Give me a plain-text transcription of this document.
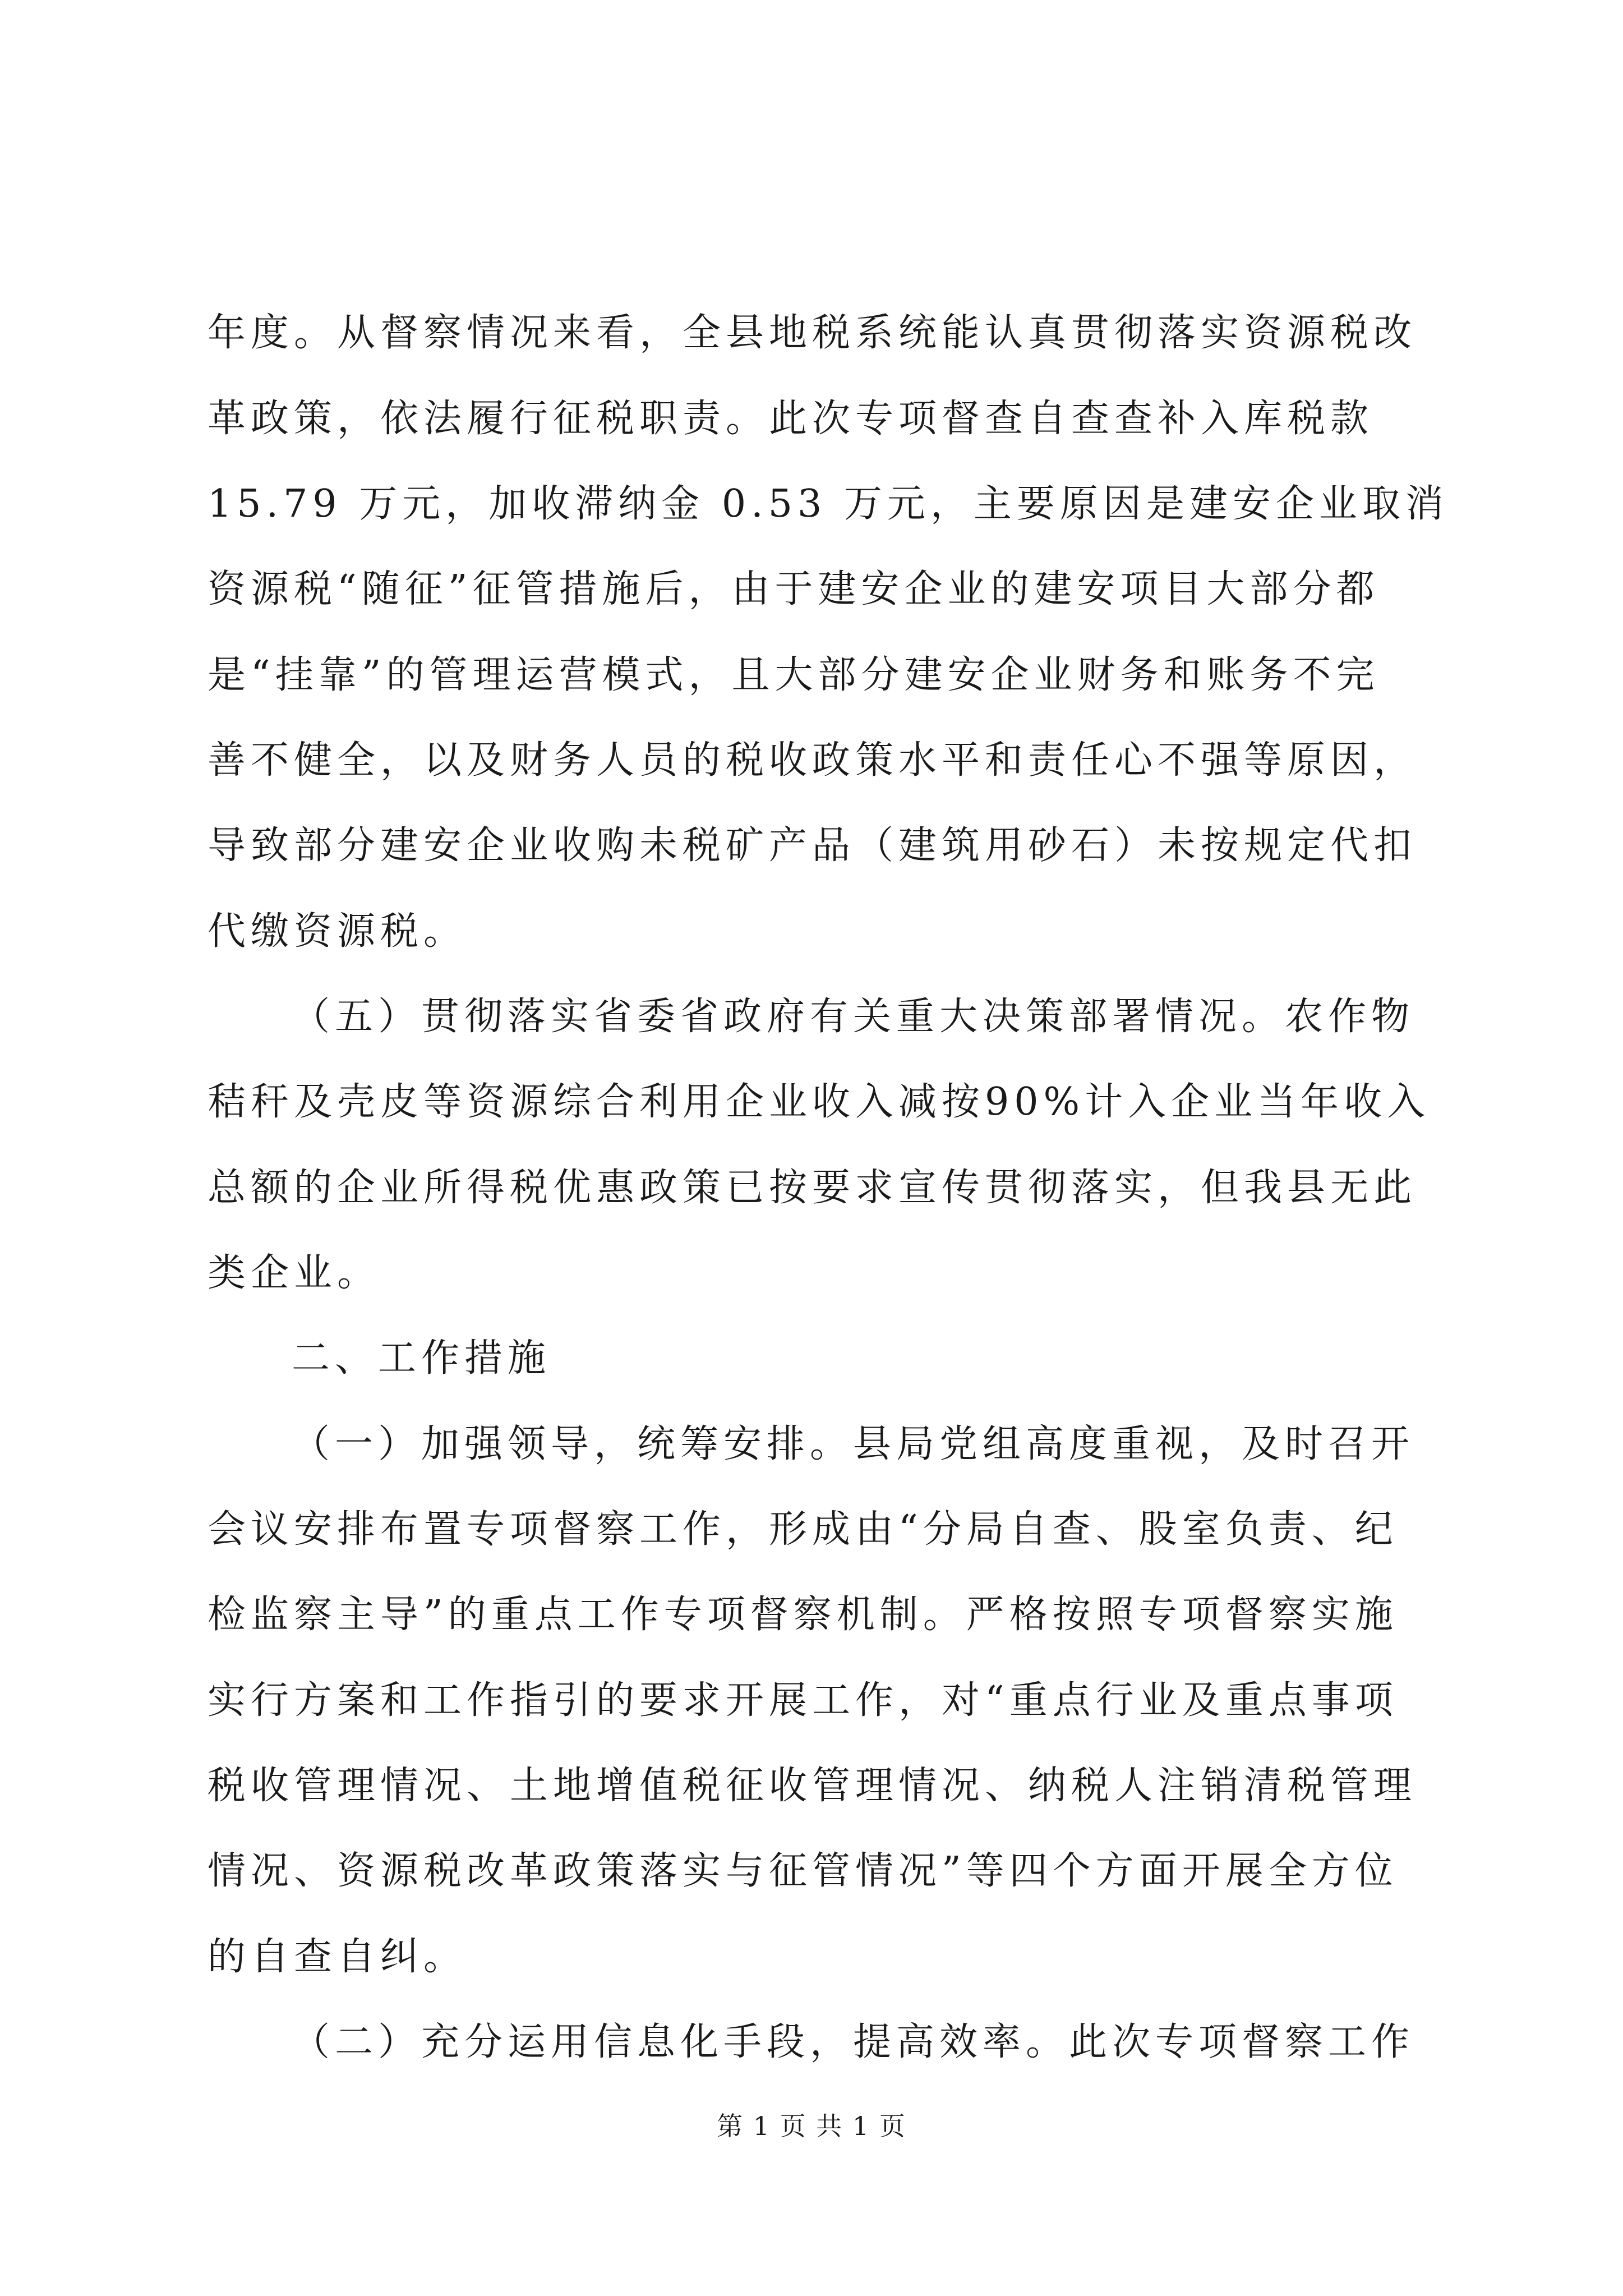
年度。从督察情况来看，全县地税系统能认真贯彻落实资源税改
革政策，依法履行征税职责。此次专项督查自查查补入库税款
15.79 万元，加收滞纳金 0.53 万元，主要原因是建安企业取消
资源税“随征”征管措施后，由于建安企业的建安项目大部分都
是“挂靠”的管理运营模式，且大部分建安企业财务和账务不完
善不健全，以及财务人员的税收政策水平和责任心不强等原因，
导致部分建安企业收购未税矿产品（建筑用砂石）未按规定代扣
代缴资源税。
（五）贯彻落实省委省政府有关重大决策部署情况。农作物
秸秆及壳皮等资源综合利用企业收入减按90%计入企业当年收入
总额的企业所得税优惠政策已按要求宣传贯彻落实，但我县无此
类企业。
二、工作措施
（一）加强领导，统筹安排。县局党组高度重视，及时召开
会议安排布置专项督察工作，形成由“分局自查、股室负责、纪
检监察主导”的重点工作专项督察机制。严格按照专项督察实施
实行方案和工作指引的要求开展工作，对“重点行业及重点事项
税收管理情况、土地增值税征收管理情况、纳税人注销清税管理
情况、资源税改革政策落实与征管情况”等四个方面开展全方位
的自查自纠。
（二）充分运用信息化手段，提高效率。此次专项督察工作
第 1 页 共 1 页
